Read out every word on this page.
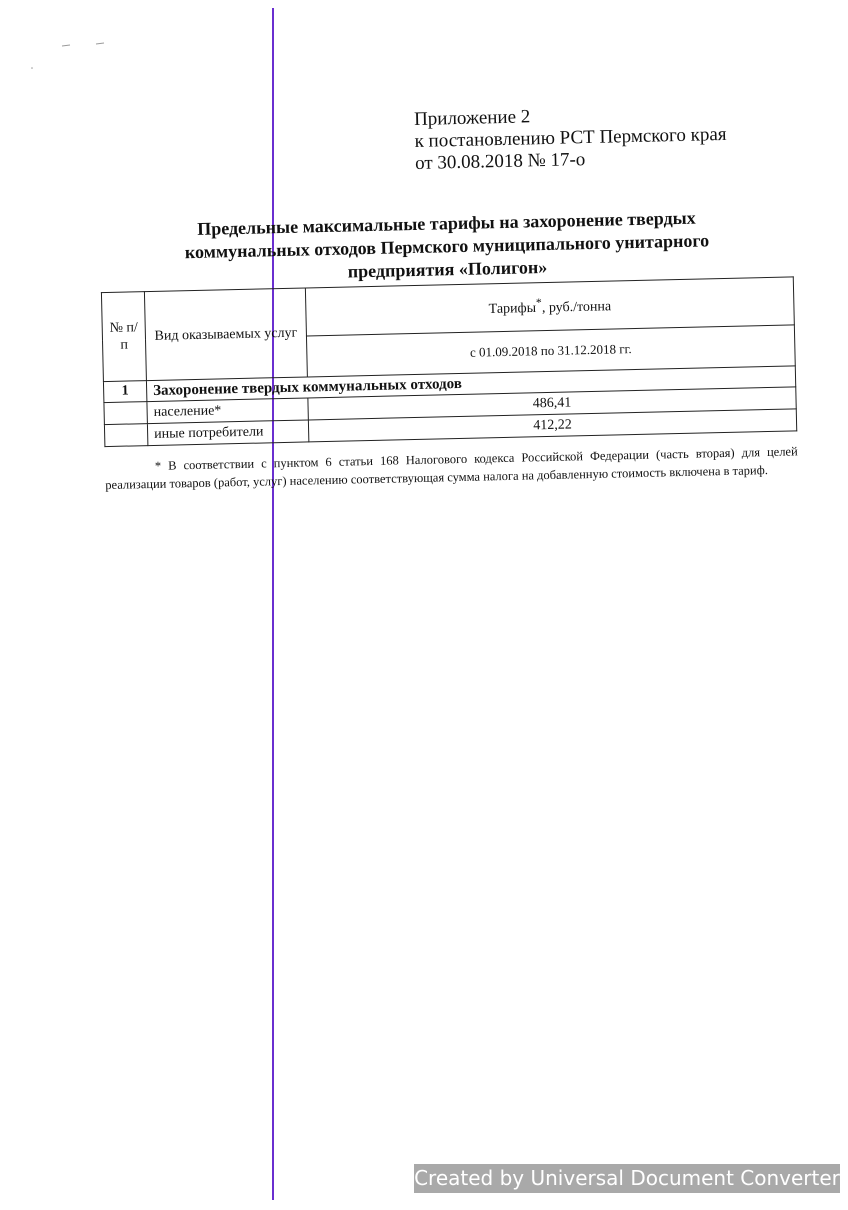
Приложение 2
к постановлению РСТ Пермского края
от 30.08.2018 № 17-о
Предельные максимальные тарифы на захоронение твердых
коммунальных отходов Пермского муниципального унитарного
предприятия «Полигон»
№ п/п	Вид оказываемых услуг	Тарифы*, руб./тонна
		с 01.09.2018 по 31.12.2018 гг.
1	Захоронение твердых коммунальных отходов	
	население*	486,41
	иные потребители	412,22

* В соответствии с пунктом 6 статьи 168 Налогового кодекса Российской Федерации (часть вторая) для целей реализации товаров (работ, услуг) населению соответствующая сумма налога на добавленную стоимость включена в тариф.

Created by Universal Document Converter
